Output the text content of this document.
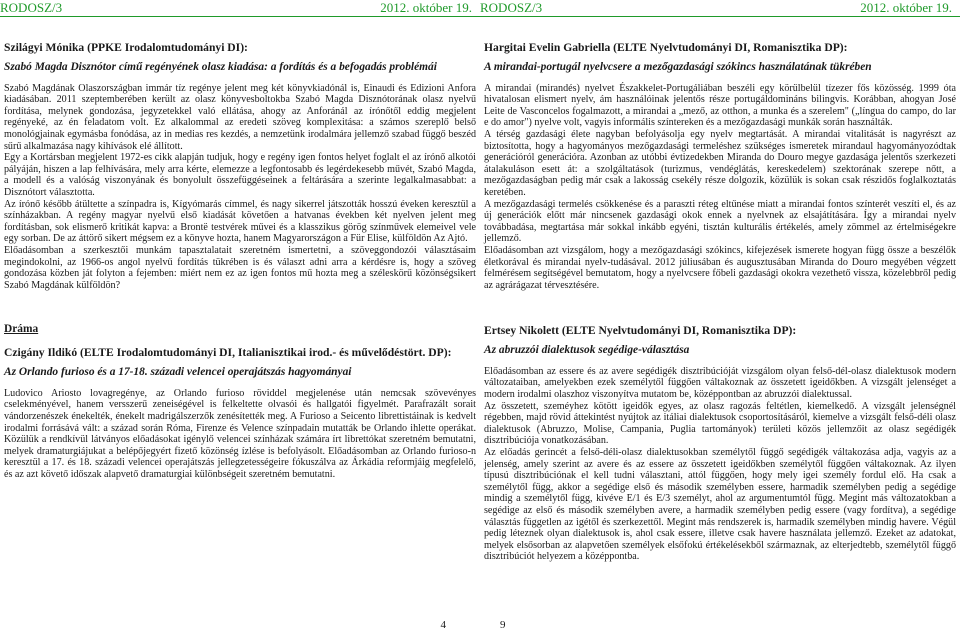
RODOSZ/3	2012. október 19.
Szilágyi Mónika (PPKE Irodalomtudományi DI):
Szabó Magda Disznótor című regényének olasz kiadása: a fordítás és a befogadás problémái

Szabó Magdának Olaszországban immár tíz regénye jelent meg két könyvkiadónál is, Einaudi és Edizioni Anfora kiadásában. 2011 szeptemberében került az olasz könyvesboltokba Szabó Magda Disznótorának olasz nyelvű fordítása, melynek gondozása, jegyzetekkel való ellátása, ahogy az Anforánál az írónőtől eddig megjelent regényeké, az én feladatom volt. Ez alkalommal az eredeti szöveg komplexitása: a számos szereplő belső monológjainak egymásba fonódása, az in medias res kezdés, a nemzetünk irodalmára jellemző szabad függő beszéd sűrű alkalmazása nagy kihívások elé állított.

Egy a Kortársban megjelent 1972-es cikk alapján tudjuk, hogy e regény igen fontos helyet foglalt el az írónő alkotói pályáján, hiszen a lap felhívására, mely arra kérte, elemezze a legfontosabb és legérdekesebb művét, Szabó Magda, a modell és a valóság viszonyának és bonyolult összefüggéseinek a feltárására a szerinte legalkalmasabbat: a Disznótort választotta.

Az írónő később átültette a színpadra is, Kígyómarás címmel, és nagy sikerrel játszották hosszú éveken keresztül a színházakban. A regény magyar nyelvű első kiadását követően a hatvanas években két nyelven jelent meg fordításban, sok elismerő kritikát kapva: a Brontë testvérek művei és a klasszikus görög színművek elemeivel vele egy sorban. De az áttörő sikert mégsem ez a könyve hozta, hanem Magyarországon a Für Elise, külföldön Az Ajtó.

Előadásomban a szerkesztői munkám tapasztalatait szeretném ismertetni, a szöveggondozói választásaim megindokolni, az 1966-os angol nyelvű fordítás tükrében is és választ adni arra a kérdésre is, hogy a szöveg gondozása közben ját folyton a fejemben: miért nem ez az igen fontos mű hozta meg a széleskörű közönségsikert Szabó Magdának külföldön?

Dráma
Czigány Ildikó (ELTE Irodalomtudományi DI, Italianisztikai irod.- és művelődéstört. DP):
Az Orlando furioso és a 17-18. századi velencei operajátszás hagyományai

Ludovico Ariosto lovagregénye, az Orlando furioso röviddel megjelenése után nemcsak szövevényes cselekményével, hanem versszerű zeneiségével is felkeltette olvasói és hallgatói figyelmét. Parafrazált sorait vándorzenészek énekelték, énekelt madrigálszerzők zenésítették meg. A Furioso a Seicento librettistáinak is kedvelt irodalmi forrásává vált: a század során Róma, Firenze és Velence színpadain mutatták be Orlando ihlette operákat. Közülük a rendkívül látványos előadásokat igénylő velencei színházak számára írt librettókat szeretném bemutatni, melyek dramaturgiájukat a belépőjegyért fizető közönség ízlése is befolyásolt. Előadásomban az Orlando furioso-n keresztül a 17. és 18. századi velencei operajátszás jellegzetességeire fókuszálva az Árkádia reformjáig megfelelő, és az azt követő időszak alapvető dramaturgiai különbségeit szeretném bemutatni.

4
RODOSZ/3	2012. október 19.
Hargitai Evelin Gabriella (ELTE Nyelvtudományi DI, Romanisztika DP):
A mirandai-portugál nyelvcsere a mezőgazdasági szókincs használatának tükrében

A mirandai (mirandés) nyelvet Északkelet-Portugáliában beszéli egy körülbelül tízezer fős közösség. 1999 óta hivatalosan elismert nyelv, ám használóinak jelentős része portugáldomináns bilingvis. Korábban, ahogyan José Leite de Vasconcelos fogalmazott, a mirandai a „mező, az otthon, a munka és a szerelem" („língua do campo, do lar e do amor") nyelve volt, vagyis informális színtereken és a mezőgazdasági munkák során használták.

A térség gazdasági élete nagyban befolyásolja egy nyelv megtartását. A mirandai vitalitását is nagyrészt az biztosította, hogy a hagyományos mezőgazdasági termeléshez szükséges ismeretek mirandaul hagyományozódtak generációról generációra. Azonban az utóbbi évtizedekben Miranda do Douro megye gazdasága jelentős szerkezeti átalakuláson esett át: a szolgáltatások (turizmus, vendéglátás, kereskedelem) szektorának szerepe nőtt, a mezőgazdaságban pedig már csak a lakosság csekély része dolgozik, közülük is sokan csak részidős foglalkoztatás keretében.

A mezőgazdasági termelés csökkenése és a paraszti réteg eltűnése miatt a mirandai fontos színterét veszíti el, és az új generációk előtt már nincsenek gazdasági okok ennek a nyelvnek az elsajátítására. Így a mirandai nyelv továbbadása, megtartása már sokkal inkább egyéni, tisztán kulturális értékelés, amely zömmel az értelmiségekre jellemző.

Előadásomban azt vizsgálom, hogy a mezőgazdasági szókincs, kifejezések ismerete hogyan függ össze a beszélők életkorával és mirandai nyelv-tudásával. 2012 júliusában és augusztusában Miranda do Douro megyében végzett felmérésem segítségével bemutatom, hogy a nyelvcsere főbeli gazdasági okokra vezethető vissza, közelebbről pedig az agrárágazat térvesztésére.

Ertsey Nikolett (ELTE Nyelvtudományi DI, Romanisztika DP):
Az abruzzói dialektusok segédige-választása

Előadásomban az essere és az avere segédigék disztribúcióját vizsgálom olyan felső-dél-olasz dialektusok modern változataiban, amelyekben ezek személytől függően váltakoznak az összetett igeidőkben. A vizsgált jelenséget a modern irodalmi olaszhoz viszonyítva mutatom be, középpontban az abruzzói dialektussal.

Az összetett, szeméyhez kötött igeidők egyes, az olasz ragozás feltétlen, kiemelkedő. A vizsgált jelenségnél régebben, majd rövid áttekintést nyújtok az itáliai dialektusok csoportosításáról, kiemelve a vizsgált felső-déli olasz dialektusok (Abruzzo, Molise, Campania, Puglia tartományok) területi közös jellemzőit az olasz segédigék disztribúciója vonatkozásában.

Az előadás gerincét a felső-déli-olasz dialektusokban személytől függő segédigék váltakozása adja, vagyis az a jelenség, amely szerint az avere és az essere az összetett igeidőkben személytől függően váltakoznak. Az ilyen típusú disztribúciónak el kell tudni választani, attól függően, hogy mely igei személy fordul elő. Ha csak a személytől függ, akkor a segédige első és második személyben essere, harmadik személyben pedig a segédige mindig a személytől függ, kivéve E/1 és E/3 személyt, ahol az argumentumtól függ. Megint más változatokban a segédige az első és második személyben avere, a harmadik személyben pedig essere (vagy fordítva), a segédige választás független az igétől és szerkezettől. Megint más rendszerek is, harmadik személyben mindig havere. Végül pedig léteznek olyan dialektusok is, ahol csak essere, illetve csak havere használata jellemző. Ezeket az adatokat, melyek elsősorban az alapvetően személyek elsőfokú értékelésekből származnak, az elterjedtebb, személytől függő disztribúciót helyezem a középpontba.

9
